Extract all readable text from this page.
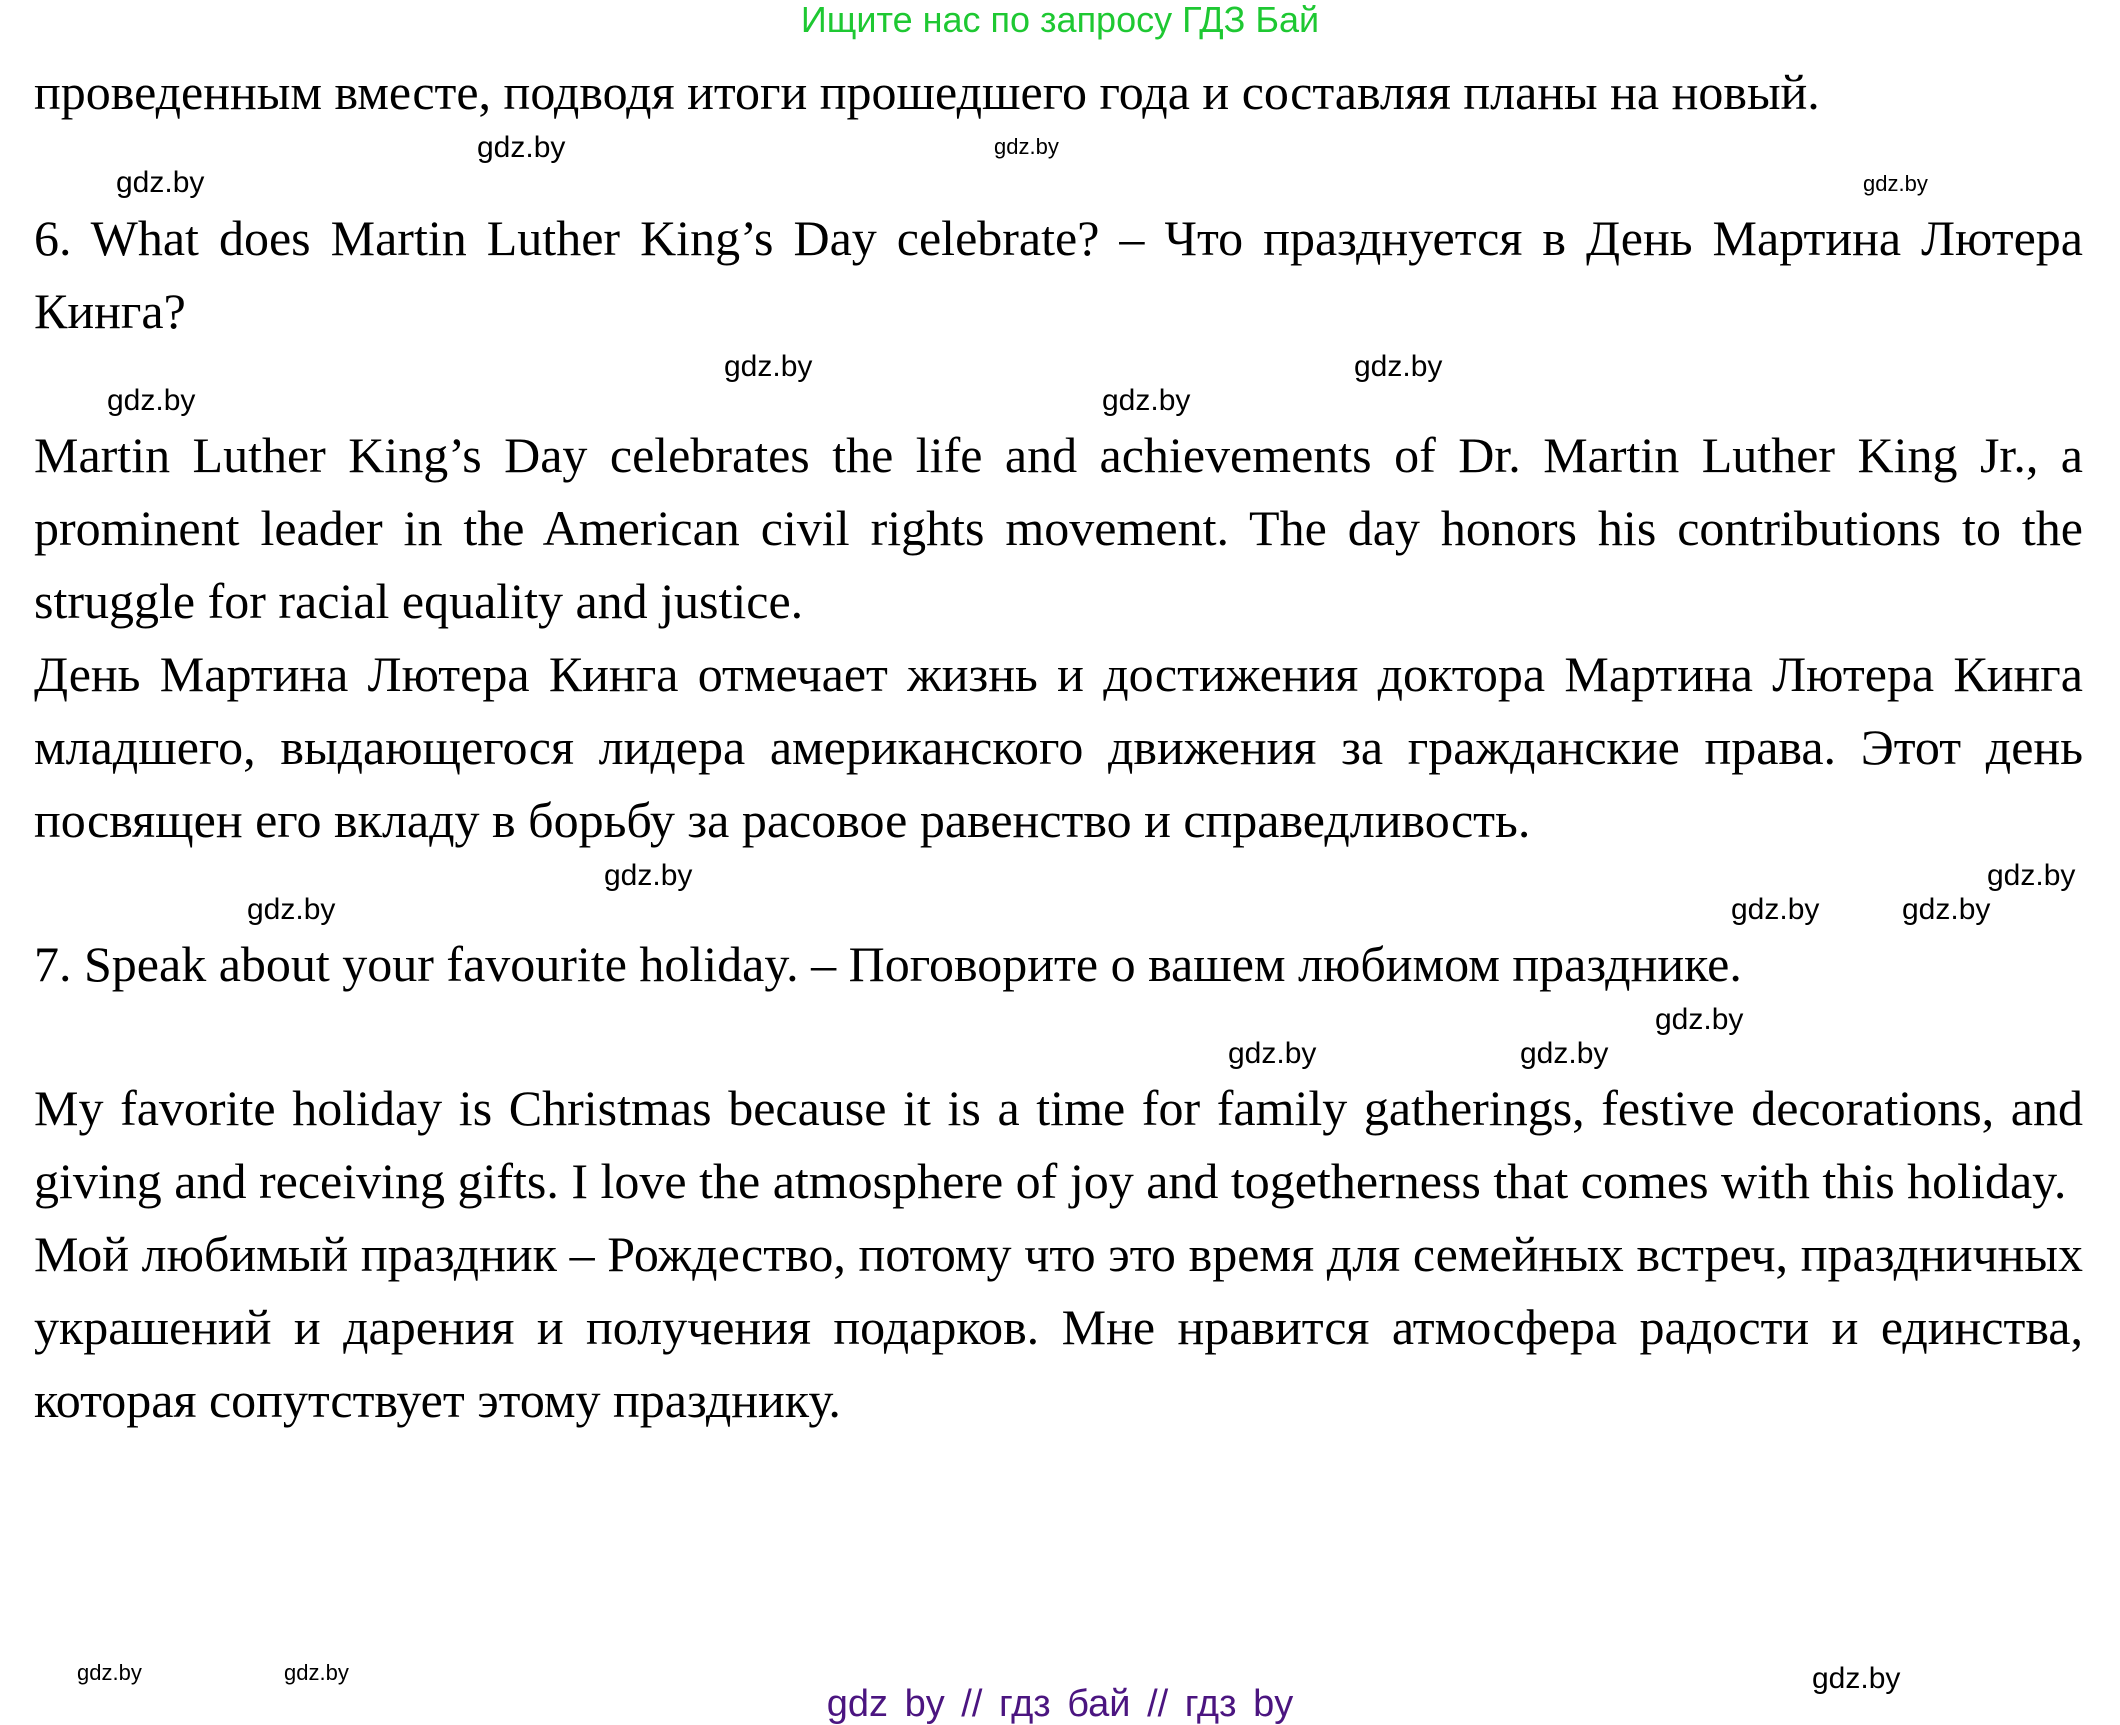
Ищите нас по запросу ГДЗ Бай

проведенным вместе, подводя итоги прошедшего года и составляя планы на новый.

gdz.by
gdz.by
gdz.by	gdz.by

6. What does Martin Luther King’s Day celebrate? – Что празднуется в День Мартина Лютера Кинга?

gdz.by
gdz.by
gdz.by	gdz.by

Martin Luther King’s Day celebrates the life and achievements of Dr. Martin Luther King Jr., a prominent leader in the American civil rights movement. The day honors his contributions to the struggle for racial equality and justice.

День Мартина Лютера Кинга отмечает жизнь и достижения доктора Мартина Лютера Кинга младшего, выдающегося лидера американского движения за гражданские права. Этот день посвящен его вкладу в борьбу за расовое равенство и справедливость.

gdz.by
gdz.by	gdz.by
gdz.by
gdz.by

7. Speak about your favourite holiday. – Поговорите о вашем любимом празднике.

gdz.by
gdz.by	gdz.by

My favorite holiday is Christmas because it is a time for family gatherings, festive decorations, and giving and receiving gifts. I love the atmosphere of joy and togetherness that comes with this holiday.

Мой любимый праздник – Рождество, потому что это время для семейных встреч, праздничных украшений и дарения и получения подарков. Мне нравится атмосфера радости и единства, которая сопутствует этому празднику.

gdz.by	gdz.by	gdz.by
gdz by // гдз бай // гдз by
